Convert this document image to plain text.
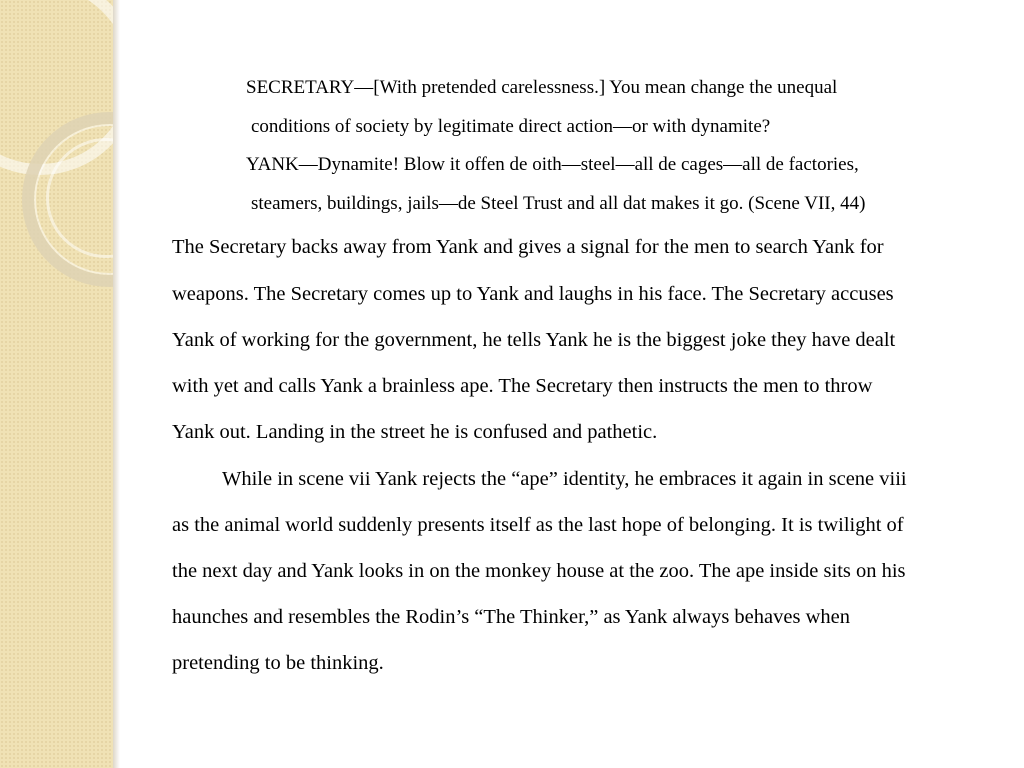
SECRETARY—[With pretended carelessness.] You mean change the unequal

conditions of society by legitimate direct action—or with dynamite?

YANK—Dynamite! Blow it offen de oith—steel—all de cages—all de factories,

steamers, buildings, jails—de Steel Trust and all dat makes it go. (Scene VII, 44)

The Secretary backs away from Yank and gives a signal for the men to search Yank for

weapons. The Secretary comes up to Yank and laughs in his face. The Secretary accuses

Yank of working for the government, he tells Yank he is the biggest joke they have dealt

with yet and calls Yank a brainless ape. The Secretary then instructs the men to throw

Yank out. Landing in the street he is confused and pathetic.

While in scene vii Yank rejects the “ape” identity, he embraces it again in scene viii

as the animal world suddenly presents itself as the last hope of belonging. It is twilight of

the next day and Yank looks in on the monkey house at the zoo. The ape inside sits on his

haunches and resembles the Rodin’s “The Thinker,” as Yank always behaves when

pretending to be thinking.
